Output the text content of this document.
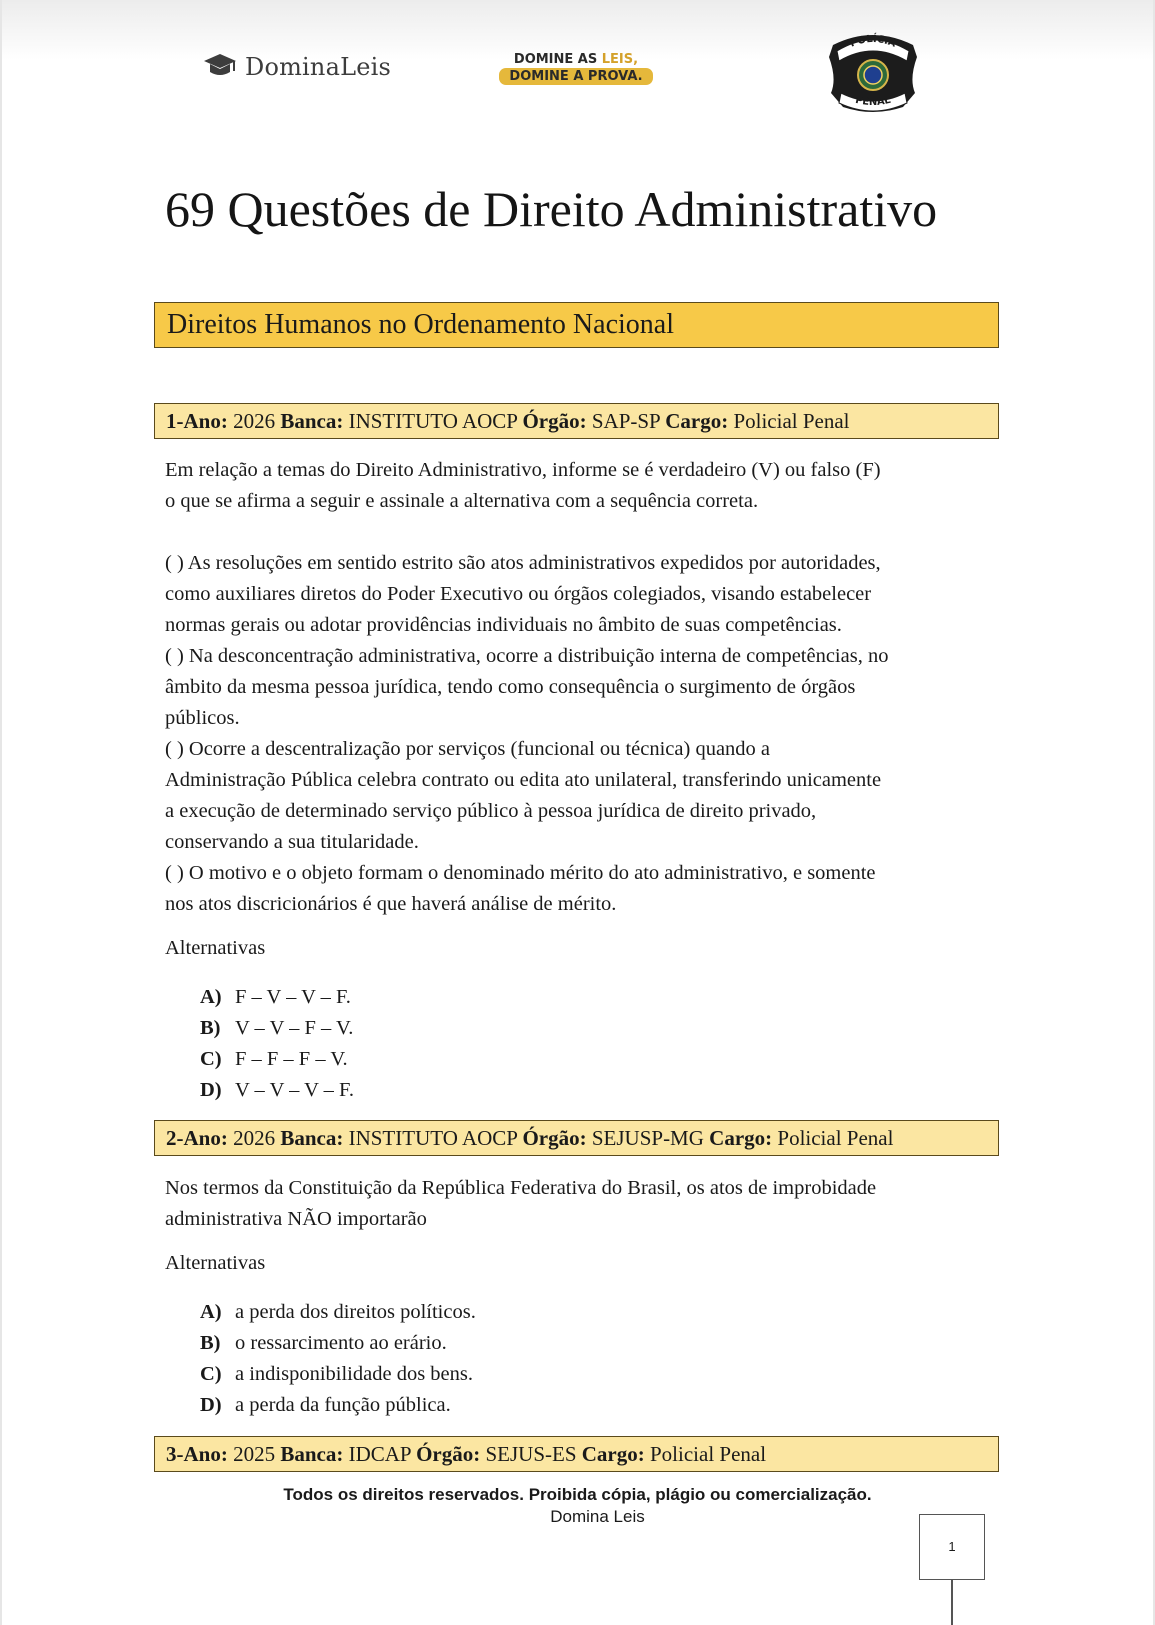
DominaLeis	DOMINE AS LEIS,
DOMINE A PROVA.
POLÍCIA
PENAL
69 Questões de Direito Administrativo
Direitos Humanos no Ordenamento Nacional
1-Ano: 2026 Banca: INSTITUTO AOCP Órgão: SAP-SP Cargo: Policial Penal
Em relação a temas do Direito Administrativo, informe se é verdadeiro (V) ou falso (F)
o que se afirma a seguir e assinale a alternativa com a sequência correta.
( ) As resoluções em sentido estrito são atos administrativos expedidos por autoridades,
como auxiliares diretos do Poder Executivo ou órgãos colegiados, visando estabelecer
normas gerais ou adotar providências individuais no âmbito de suas competências.
( ) Na desconcentração administrativa, ocorre a distribuição interna de competências, no
âmbito da mesma pessoa jurídica, tendo como consequência o surgimento de órgãos
públicos.
( ) Ocorre a descentralização por serviços (funcional ou técnica) quando a
Administração Pública celebra contrato ou edita ato unilateral, transferindo unicamente
a execução de determinado serviço público à pessoa jurídica de direito privado,
conservando a sua titularidade.
( ) O motivo e o objeto formam o denominado mérito do ato administrativo, e somente
nos atos discricionários é que haverá análise de mérito.
Alternativas
A) F – V – V – F.
B) V – V – F – V.
C) F – F – F – V.
D) V – V – V – F.
2-Ano: 2026 Banca: INSTITUTO AOCP Órgão: SEJUSP-MG Cargo: Policial Penal
Nos termos da Constituição da República Federativa do Brasil, os atos de improbidade
administrativa NÃO importarão
Alternativas
A) a perda dos direitos políticos.
B) o ressarcimento ao erário.
C) a indisponibilidade dos bens.
D) a perda da função pública.
3-Ano: 2025 Banca: IDCAP Órgão: SEJUS-ES Cargo: Policial Penal
Todos os direitos reservados. Proibida cópia, plágio ou comercialização.
Domina Leis
1
